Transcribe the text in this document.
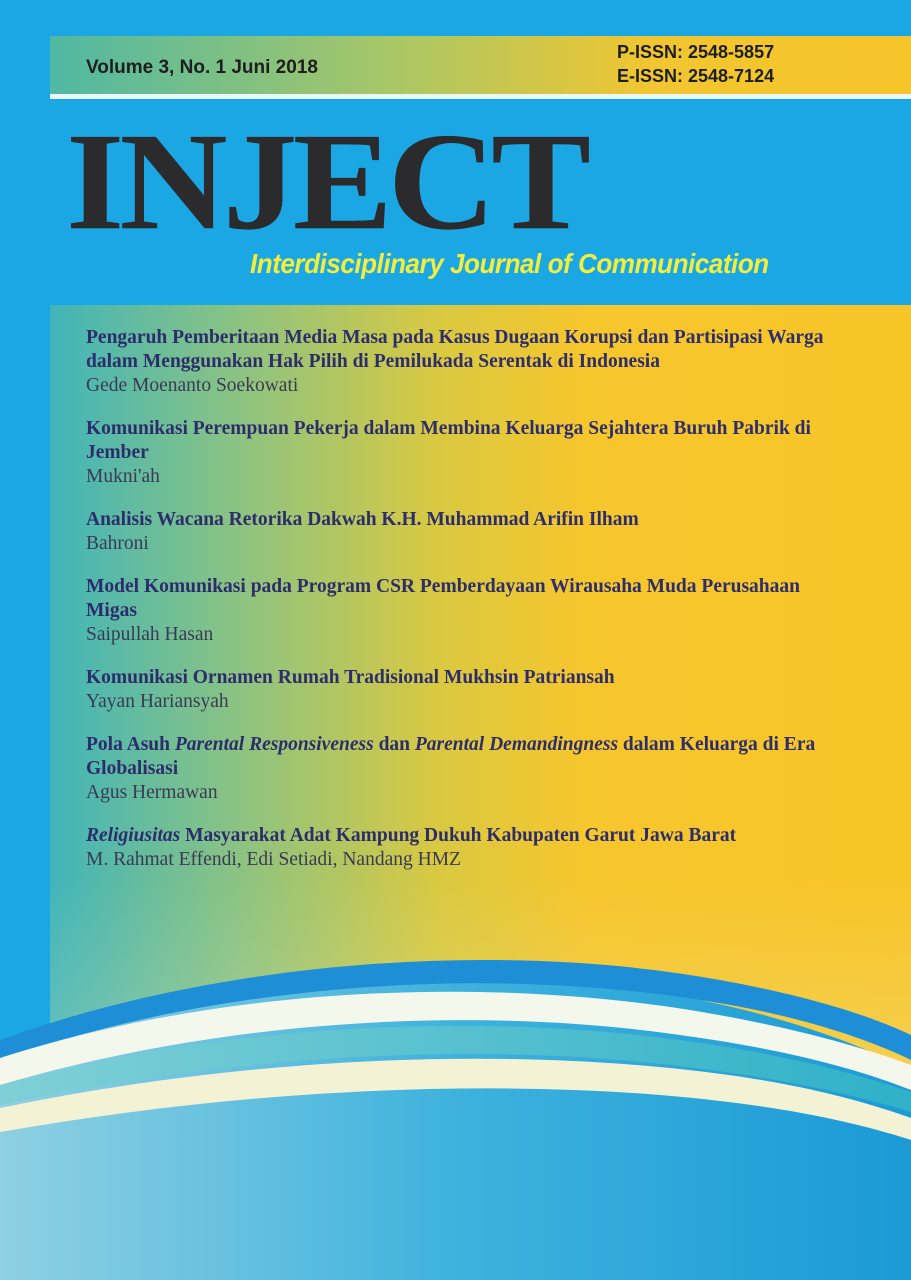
Volume 3, No. 1 Juni 2018
P-ISSN: 2548-5857
E-ISSN: 2548-7124
INJECT
Interdisciplinary Journal of Communication
Pengaruh Pemberitaan Media Masa pada Kasus Dugaan Korupsi dan Partisipasi Warga dalam Menggunakan Hak Pilih di Pemilukada Serentak di Indonesia
Gede Moenanto Soekowati
Komunikasi Perempuan Pekerja dalam Membina Keluarga Sejahtera Buruh Pabrik di Jember
Mukni'ah
Analisis Wacana Retorika Dakwah K.H. Muhammad Arifin Ilham
Bahroni
Model Komunikasi pada Program CSR Pemberdayaan Wirausaha Muda Perusahaan Migas
Saipullah Hasan
Komunikasi Ornamen Rumah Tradisional Mukhsin Patriansah
Yayan Hariansyah
Pola Asuh Parental Responsiveness dan Parental Demandingness dalam Keluarga di Era Globalisasi
Agus Hermawan
Religiusitas Masyarakat Adat Kampung Dukuh Kabupaten Garut Jawa Barat
M. Rahmat Effendi, Edi Setiadi, Nandang HMZ
